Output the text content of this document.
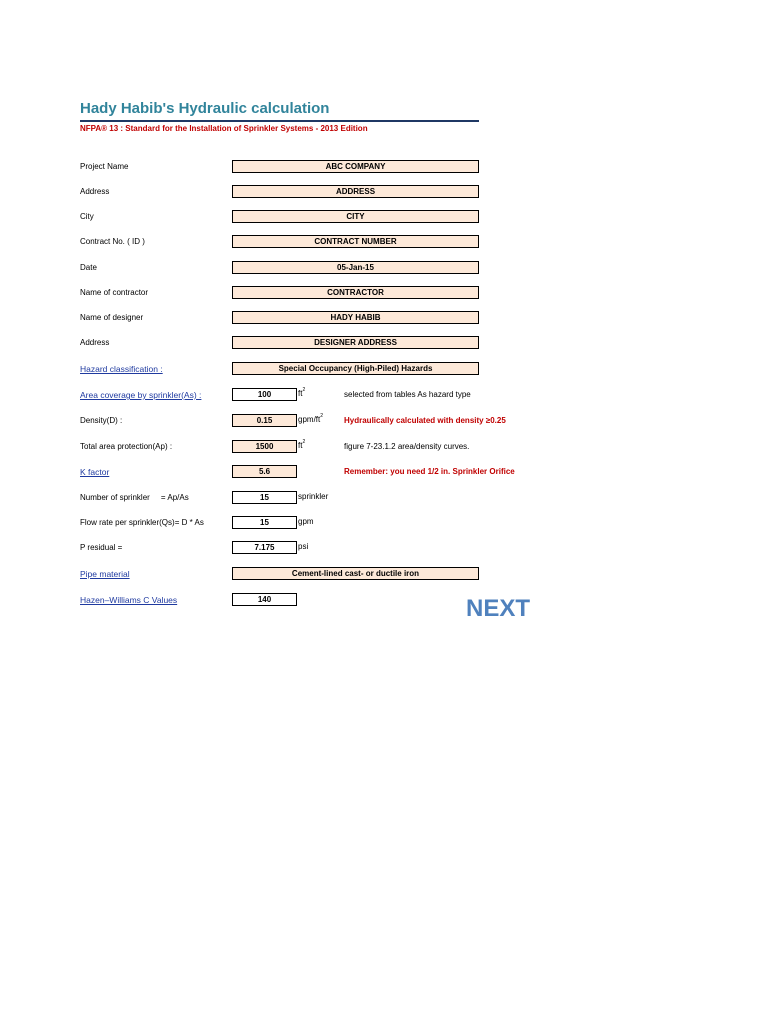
Hady Habib's Hydraulic calculation
NFPA® 13 : Standard for the Installation of Sprinkler Systems - 2013 Edition
Project Name	ABC COMPANY
Address	ADDRESS
City	CITY
Contract No. ( ID )	CONTRACT NUMBER
Date	05-Jan-15
Name of contractor	CONTRACTOR
Name of designer	HADY HABIB
Address	DESIGNER ADDRESS
Hazard classification :	Special Occupancy (High-Piled) Hazards
Area coverage by sprinkler(As) :	100	$ft^2$	selected from tables As hazard type
Density(D) :	0.15	gpm/$ft^2$	Hydraulically calculated with density ≥0.25
Total area protection(Ap) :	1500	$ft^2$	figure 7-23.1.2 area/density curves.
K factor	5.6	Remember: you need 1/2 in. Sprinkler Orifice
Number of sprinkler     = Ap/As	15	sprinkler
Flow rate per sprinkler(Qs)= D * As	15	gpm
P residual =	7.175	psi
Pipe material	Cement-lined cast- or ductile iron
Hazen–Williams C Values	140	NEXT
